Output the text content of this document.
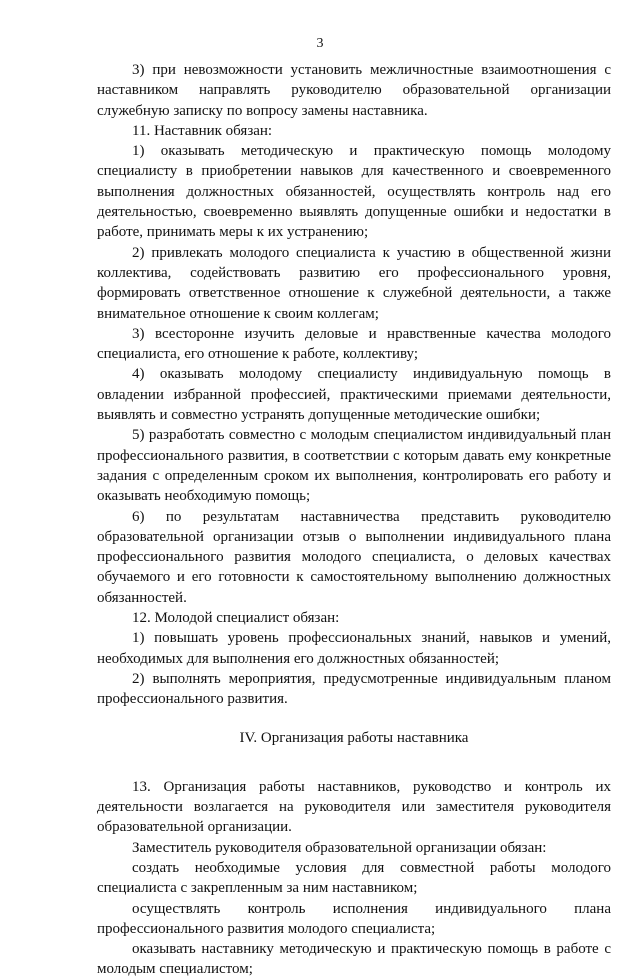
3

3) при невозможности установить межличностные взаимоотношения с наставником направлять руководителю образовательной организации служебную записку по вопросу замены наставника.

11. Наставник обязан:

1) оказывать методическую и практическую помощь молодому специалисту в приобретении навыков для качественного и своевременного выполнения должностных обязанностей, осуществлять контроль над его деятельностью, своевременно выявлять допущенные ошибки и недостатки в работе, принимать меры к их устранению;

2) привлекать молодого специалиста к участию в общественной жизни коллектива, содействовать развитию его профессионального уровня, формировать ответственное отношение к служебной деятельности, а также внимательное отношение к своим коллегам;

3) всесторонне изучить деловые и нравственные качества молодого специалиста, его отношение к работе, коллективу;

4) оказывать молодому специалисту индивидуальную помощь в овладении избранной профессией, практическими приемами деятельности, выявлять и совместно устранять допущенные методические ошибки;

5) разработать совместно с молодым специалистом индивидуальный план профессионального развития, в соответствии с которым давать ему конкретные задания с определенным сроком их выполнения, контролировать его работу и оказывать необходимую помощь;

6) по результатам наставничества представить руководителю образовательной организации отзыв о выполнении индивидуального плана профессионального развития молодого специалиста, о деловых качествах обучаемого и его готовности к самостоятельному выполнению должностных обязанностей.

12. Молодой специалист обязан:

1) повышать уровень профессиональных знаний, навыков и умений, необходимых для выполнения его должностных обязанностей;

2) выполнять мероприятия, предусмотренные индивидуальным планом профессионального развития.

IV. Организация работы наставника

13. Организация работы наставников, руководство и контроль их деятельности возлагается на руководителя или заместителя руководителя образовательной организации.

Заместитель руководителя образовательной организации обязан:

создать необходимые условия для совместной работы молодого специалиста с закрепленным за ним наставником;

осуществлять контроль исполнения индивидуального плана профессионального развития молодого специалиста;

оказывать наставнику методическую и практическую помощь в работе с молодым специалистом;
